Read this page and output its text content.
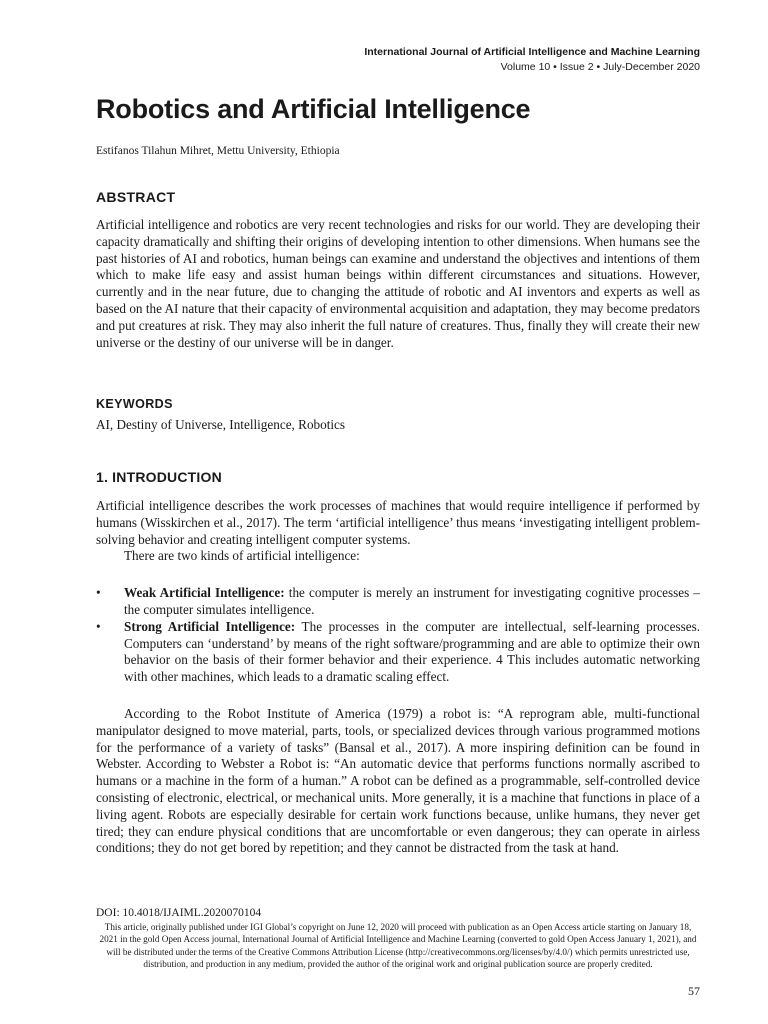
International Journal of Artificial Intelligence and Machine Learning
Volume 10 • Issue 2 • July-December 2020
Robotics and Artificial Intelligence
Estifanos Tilahun Mihret, Mettu University, Ethiopia
ABSTRACT

Artificial intelligence and robotics are very recent technologies and risks for our world. They are developing their capacity dramatically and shifting their origins of developing intention to other dimensions. When humans see the past histories of AI and robotics, human beings can examine and understand the objectives and intentions of them which to make life easy and assist human beings within different circumstances and situations. However, currently and in the near future, due to changing the attitude of robotic and AI inventors and experts as well as based on the AI nature that their capacity of environmental acquisition and adaptation, they may become predators and put creatures at risk. They may also inherit the full nature of creatures. Thus, finally they will create their new universe or the destiny of our universe will be in danger.

KEYWORDS

AI, Destiny of Universe, Intelligence, Robotics

1. INTRODUCTION

Artificial intelligence describes the work processes of machines that would require intelligence if performed by humans (Wisskirchen et al., 2017). The term ‘artificial intelligence’ thus means ‘investigating intelligent problem-solving behavior and creating intelligent computer systems.

There are two kinds of artificial intelligence:

• Weak Artificial Intelligence: the computer is merely an instrument for investigating cognitive processes – the computer simulates intelligence.
• Strong Artificial Intelligence: The processes in the computer are intellectual, self-learning processes. Computers can ‘understand’ by means of the right software/programming and are able to optimize their own behavior on the basis of their former behavior and their experience. 4 This includes automatic networking with other machines, which leads to a dramatic scaling effect.

According to the Robot Institute of America (1979) a robot is: “A reprogram able, multi-functional manipulator designed to move material, parts, tools, or specialized devices through various programmed motions for the performance of a variety of tasks” (Bansal et al., 2017). A more inspiring definition can be found in Webster. According to Webster a Robot is: “An automatic device that performs functions normally ascribed to humans or a machine in the form of a human.” A robot can be defined as a programmable, self-controlled device consisting of electronic, electrical, or mechanical units. More generally, it is a machine that functions in place of a living agent. Robots are especially desirable for certain work functions because, unlike humans, they never get tired; they can endure physical conditions that are uncomfortable or even dangerous; they can operate in airless conditions; they do not get bored by repetition; and they cannot be distracted from the task at hand.

DOI: 10.4018/IJAIML.2020070104
This article, originally published under IGI Global’s copyright on June 12, 2020 will proceed with publication as an Open Access article starting on January 18, 2021 in the gold Open Access journal, International Journal of Artificial Intelligence and Machine Learning (converted to gold Open Access January 1, 2021), and will be distributed under the terms of the Creative Commons Attribution License (http://creativecommons.org/licenses/by/4.0/) which permits unrestricted use, distribution, and production in any medium, provided the author of the original work and original publication source are properly credited.
57
